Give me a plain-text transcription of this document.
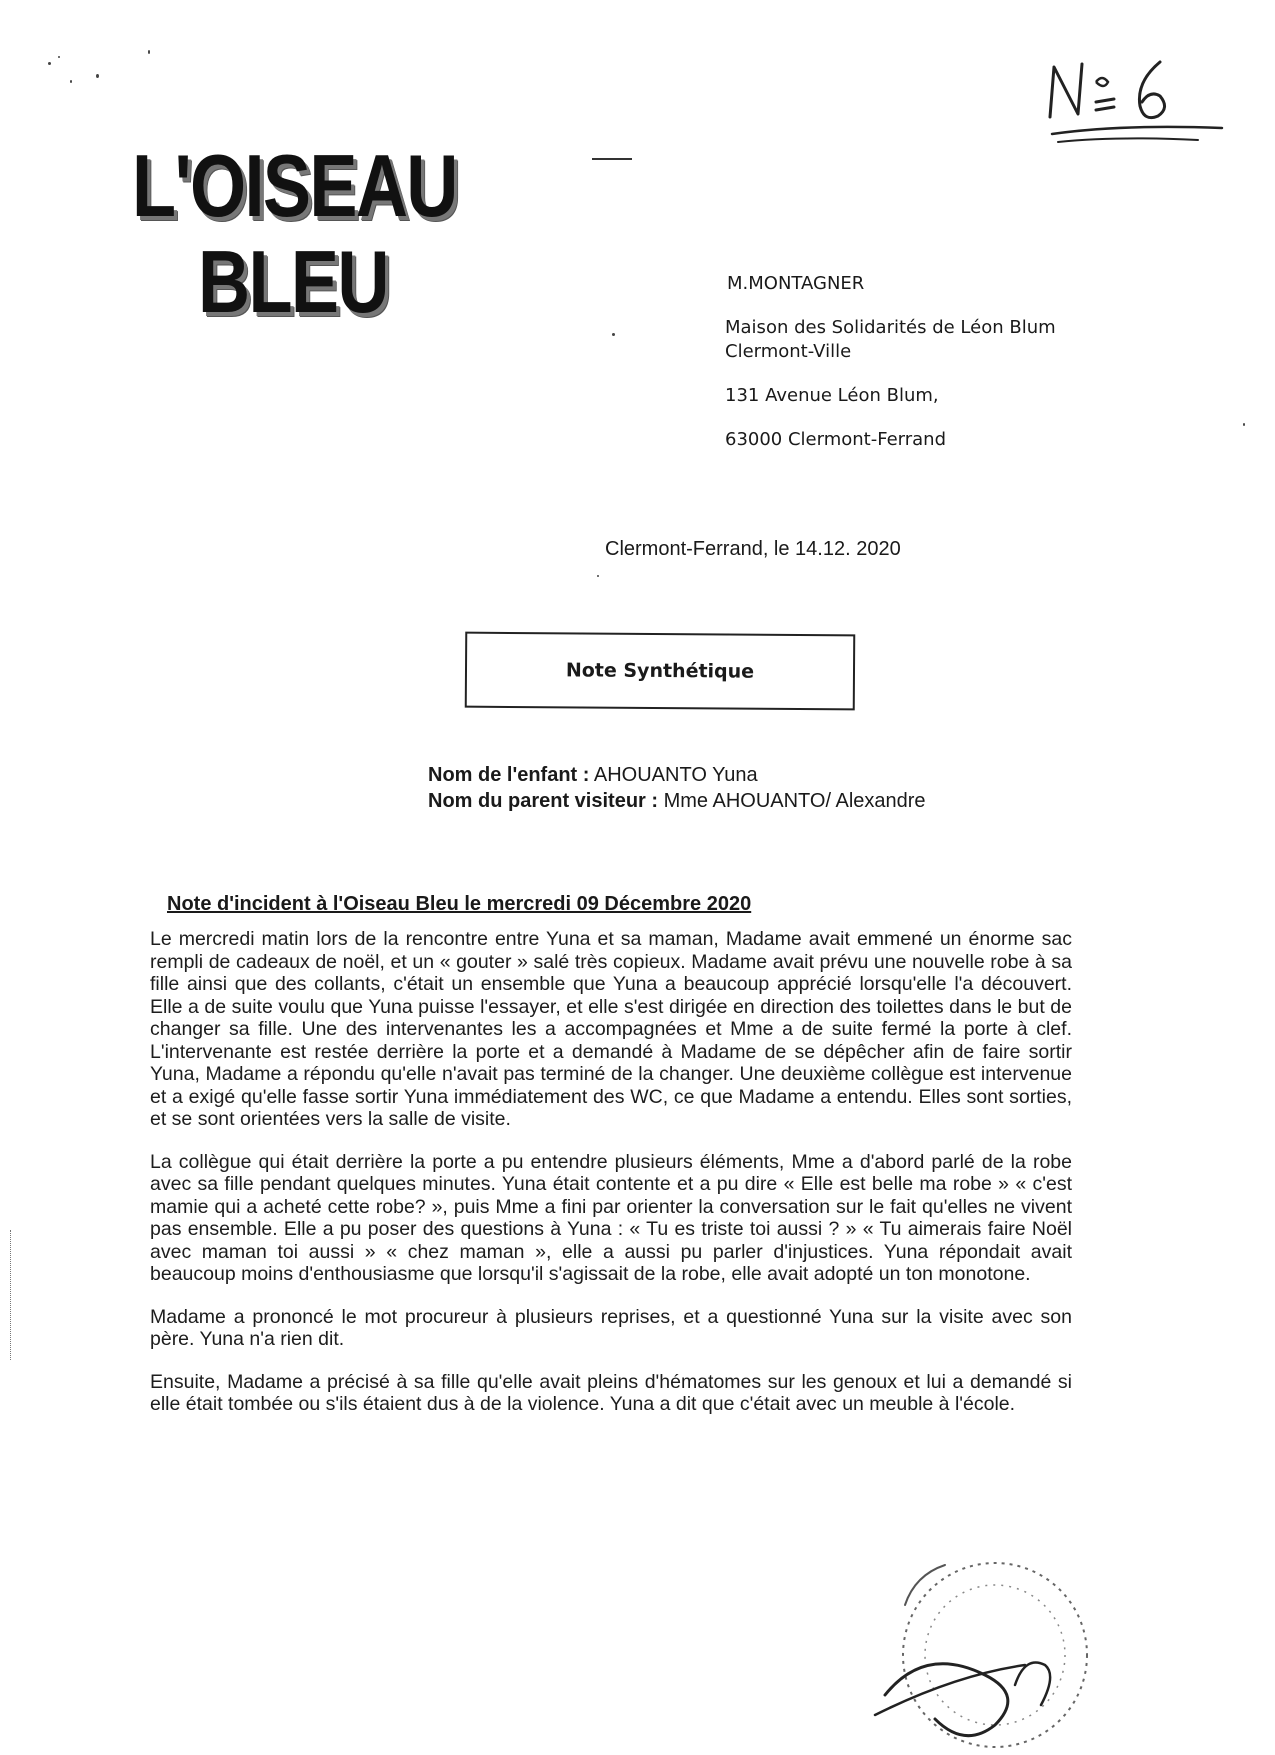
L'OISEAU
BLEU	M.MONTAGNER
Maison des Solidarités de Léon Blum
Clermont-Ville
131 Avenue Léon Blum,
63000 Clermont-Ferrand
Clermont-Ferrand, le 14.12. 2020
Note Synthétique
Nom de l'enfant : AHOUANTO Yuna
Nom du parent visiteur : Mme AHOUANTO/ Alexandre
Note d'incident à l'Oiseau Bleu le mercredi 09 Décembre 2020

Le mercredi matin lors de la rencontre entre Yuna et sa maman, Madame avait emmené un énorme sac rempli de cadeaux de noël, et un « gouter » salé très copieux. Madame avait prévu une nouvelle robe à sa fille ainsi que des collants, c'était un ensemble que Yuna a beaucoup apprécié lorsqu'elle l'a découvert. Elle a de suite voulu que Yuna puisse l'essayer, et elle s'est dirigée en direction des toilettes dans le but de changer sa fille. Une des intervenantes les a accompagnées et Mme a de suite fermé la porte à clef. L'intervenante est restée derrière la porte et a demandé à Madame de se dépêcher afin de faire sortir Yuna, Madame a répondu qu'elle n'avait pas terminé de la changer. Une deuxième collègue est intervenue et a exigé qu'elle fasse sortir Yuna immédiatement des WC, ce que Madame a entendu. Elles sont sorties, et se sont orientées vers la salle de visite.

La collègue qui était derrière la porte a pu entendre plusieurs éléments, Mme a d'abord parlé de la robe avec sa fille pendant quelques minutes. Yuna était contente et a pu dire « Elle est belle ma robe » « c'est mamie qui a acheté cette robe? », puis Mme a fini par orienter la conversation sur le fait qu'elles ne vivent pas ensemble. Elle a pu poser des questions à Yuna : « Tu es triste toi aussi ? » « Tu aimerais faire Noël avec maman toi aussi » « chez maman », elle a aussi pu parler d'injustices. Yuna répondait avait beaucoup moins d'enthousiasme que lorsqu'il s'agissait de la robe, elle avait adopté un ton monotone.

Madame a prononcé le mot procureur à plusieurs reprises, et a questionné Yuna sur la visite avec son père. Yuna n'a rien dit.

Ensuite, Madame a précisé à sa fille qu'elle avait pleins d'hématomes sur les genoux et lui a demandé si elle était tombée ou s'ils étaient dus à de la violence. Yuna a dit que c'était avec un meuble à l'école.
